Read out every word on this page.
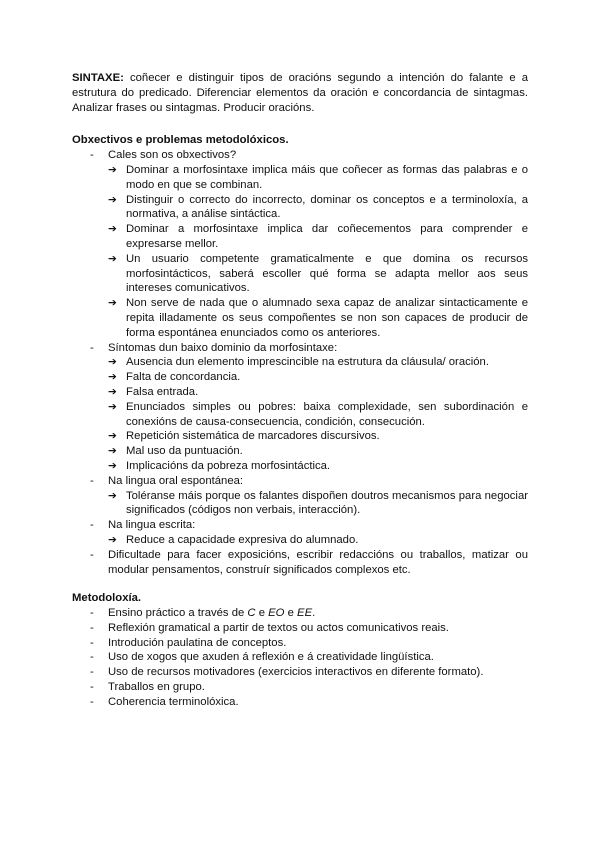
SINTAXE: coñecer e distinguir tipos de oracións segundo a intención do falante e a estrutura do predicado. Diferenciar elementos da oración e concordancia de sintagmas. Analizar frases ou sintagmas. Producir oracións.

Obxectivos e problemas metodolóxicos.
- Cales son os obxectivos?
➔ Dominar a morfosintaxe implica máis que coñecer as formas das palabras e o modo en que se combinan.
➔ Distinguir o correcto do incorrecto, dominar os conceptos e a terminoloxía, a normativa, a análise sintáctica.
➔ Dominar a morfosintaxe implica dar coñecementos para comprender e expresarse mellor.
➔ Un usuario competente gramaticalmente e que domina os recursos morfosintácticos, saberá escoller qué forma se adapta mellor aos seus intereses comunicativos.
➔ Non serve de nada que o alumnado sexa capaz de analizar sintacticamente e repita illadamente os seus compoñentes se non son capaces de producir de forma espontánea enunciados como os anteriores.
- Síntomas dun baixo dominio da morfosintaxe:
➔ Ausencia dun elemento imprescincible na estrutura da cláusula/ oración.
➔ Falta de concordancia.
➔ Falsa entrada.
➔ Enunciados simples ou pobres: baixa complexidade, sen subordinación e conexións de causa-consecuencia, condición, consecución.
➔ Repetición sistemática de marcadores discursivos.
➔ Mal uso da puntuación.
➔ Implicacións da pobreza morfosintáctica.
- Na lingua oral espontánea:
➔ Toléranse máis porque os falantes dispoñen doutros mecanismos para negociar significados (códigos non verbais, interacción).
- Na lingua escrita:
➔ Reduce a capacidade expresiva do alumnado.
- Dificultade para facer exposicións, escribir redaccións ou traballos, matizar ou modular pensamentos, construír significados complexos etc.
Metodoloxía.
- Ensino práctico a través de C e EO e EE.
- Reflexión gramatical a partir de textos ou actos comunicativos reais.
- Introdución paulatina de conceptos.
- Uso de xogos que axuden á reflexión e á creatividade lingüística.
- Uso de recursos motivadores (exercicios interactivos en diferente formato).
- Traballos en grupo.
- Coherencia terminolóxica.
